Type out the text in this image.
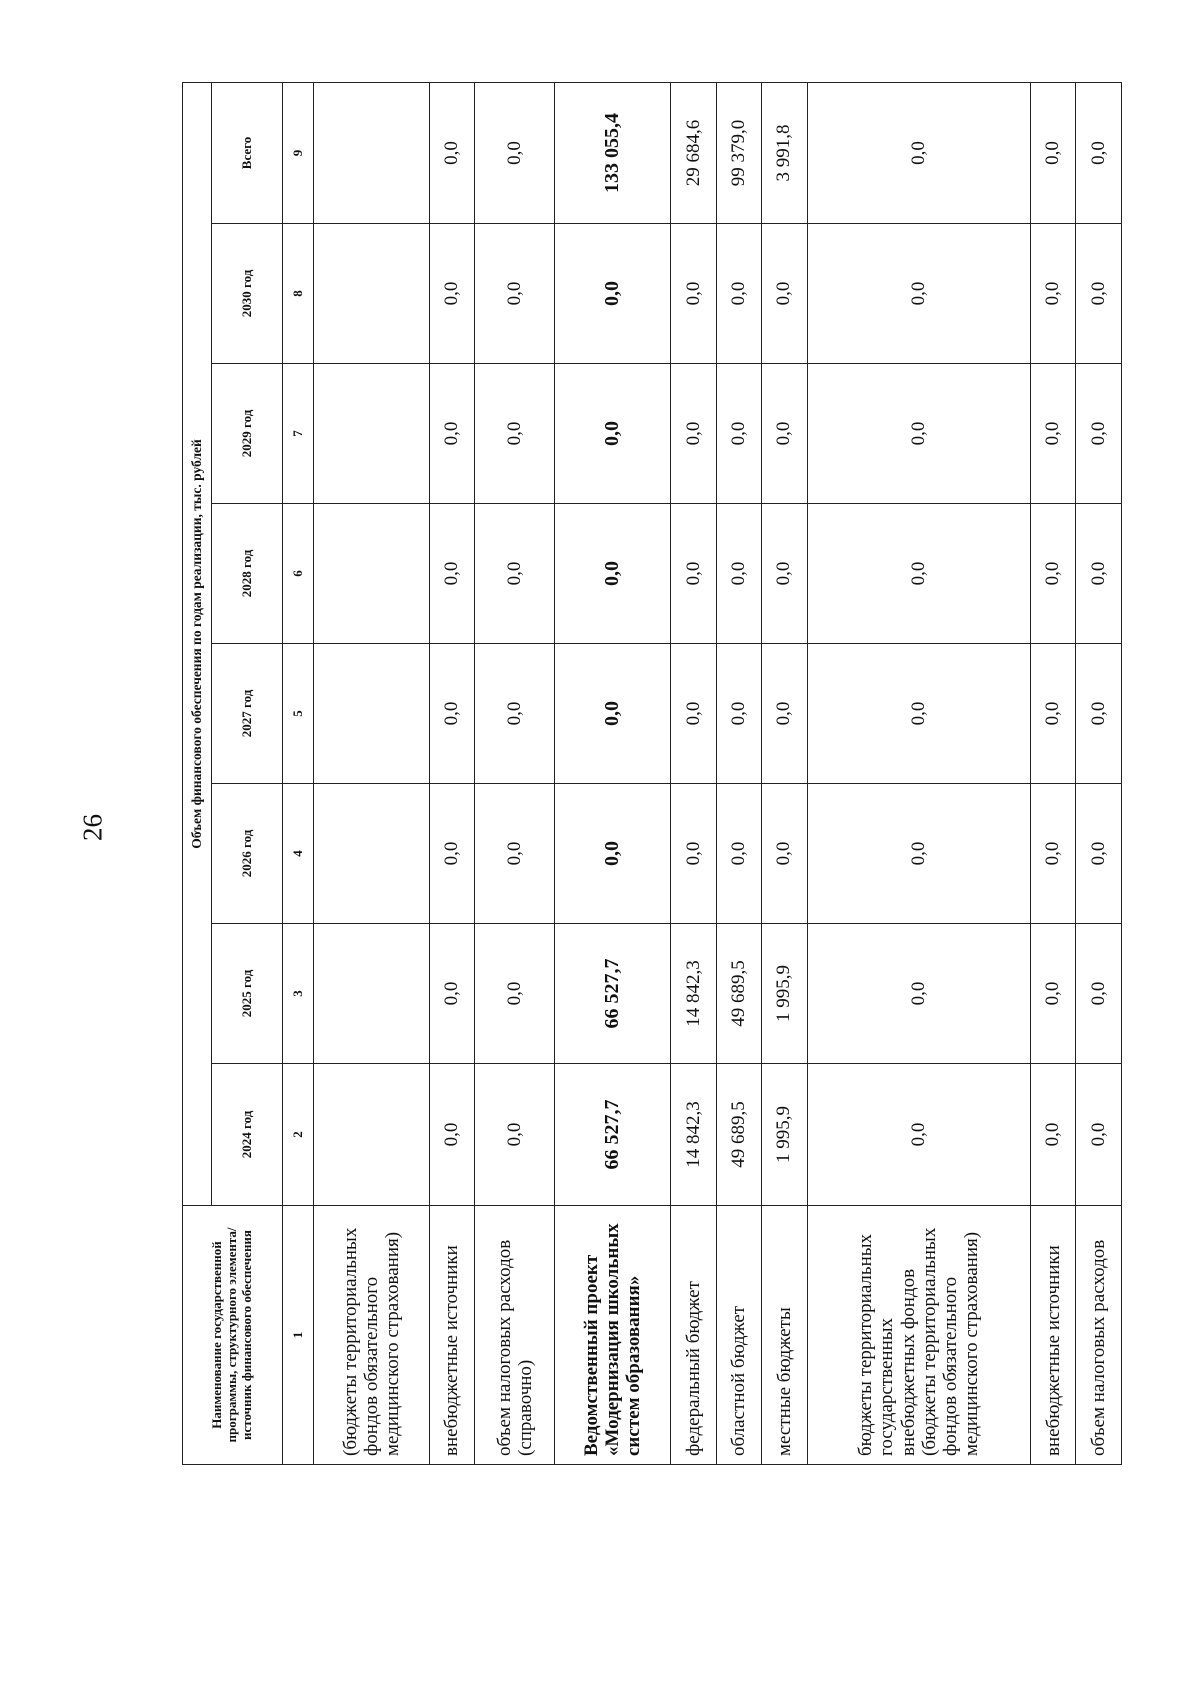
26
Наименование государственной программы, структурного элемента/источник финансового обеспечения	Объем финансового обеспечения по годам реализации, тыс. рублей							
	2024 год	2025 год	2026 год	2027 год	2028 год	2029 год	2030 год	Всего
1	2	3	4	5	6	7	8	9
(бюджеты территориальных фондов обязательного медицинского страхования)								
внебюджетные источники	0,0	0,0	0,0	0,0	0,0	0,0	0,0	0,0
объем налоговых расходов (справочно)	0,0	0,0	0,0	0,0	0,0	0,0	0,0	0,0
Ведомственный проект «Модернизация школьных систем образования»	66 527,7	66 527,7	0,0	0,0	0,0	0,0	0,0	133 055,4
федеральный бюджет	14 842,3	14 842,3	0,0	0,0	0,0	0,0	0,0	29 684,6
областной бюджет	49 689,5	49 689,5	0,0	0,0	0,0	0,0	0,0	99 379,0
местные бюджеты	1 995,9	1 995,9	0,0	0,0	0,0	0,0	0,0	3 991,8
бюджеты территориальных государственных внебюджетных фондов (бюджеты территориальных фондов обязательного медицинского страхования)	0,0	0,0	0,0	0,0	0,0	0,0	0,0	0,0
внебюджетные источники	0,0	0,0	0,0	0,0	0,0	0,0	0,0	0,0
объем налоговых расходов	0,0	0,0	0,0	0,0	0,0	0,0	0,0	0,0
